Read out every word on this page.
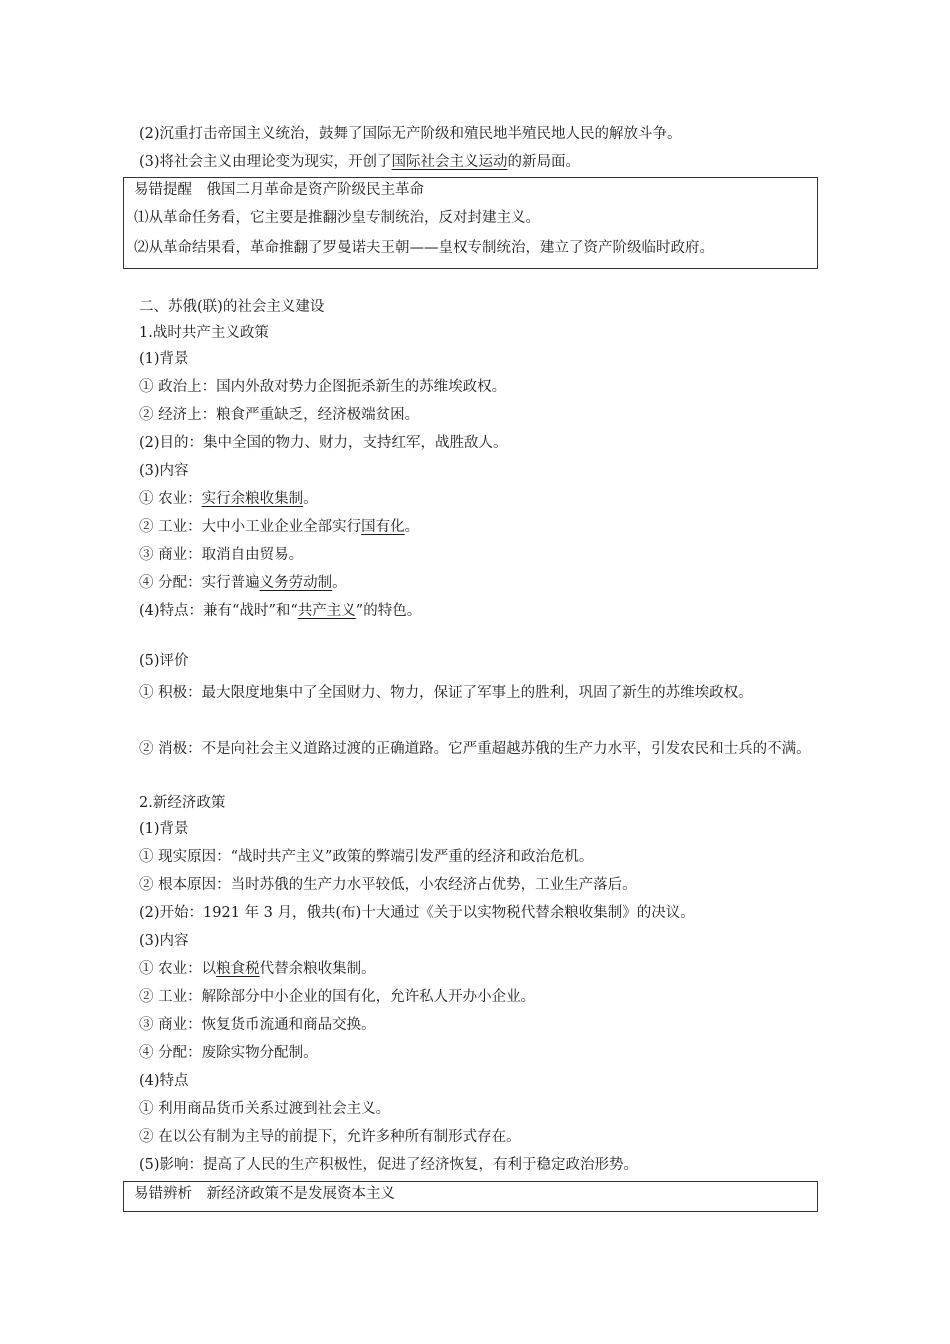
(2)沉重打击帝国主义统治，鼓舞了国际无产阶级和殖民地半殖民地人民的解放斗争。
(3)将社会主义由理论变为现实，开创了国际社会主义运动的新局面。
易错提醒　俄国二月革命是资产阶级民主革命
⑴从革命任务看，它主要是推翻沙皇专制统治，反对封建主义。
⑵从革命结果看，革命推翻了罗曼诺夫王朝——皇权专制统治，建立了资产阶级临时政府。
二、苏俄(联)的社会主义建设
1.战时共产主义政策
(1)背景
① 政治上：国内外敌对势力企图扼杀新生的苏维埃政权。
② 经济上：粮食严重缺乏，经济极端贫困。
(2)目的：集中全国的物力、财力，支持红军，战胜敌人。
(3)内容
① 农业：实行余粮收集制。
② 工业：大中小工业企业全部实行国有化。
③ 商业：取消自由贸易。
④ 分配：实行普遍义务劳动制。
(4)特点：兼有“战时”和“共产主义”的特色。
(5)评价
① 积极：最大限度地集中了全国财力、物力，保证了军事上的胜利，巩固了新生的苏维埃政权。
② 消极：不是向社会主义道路过渡的正确道路。它严重超越苏俄的生产力水平，引发农民和士兵的不满。
2.新经济政策
(1)背景
① 现实原因：“战时共产主义”政策的弊端引发严重的经济和政治危机。
② 根本原因：当时苏俄的生产力水平较低，小农经济占优势，工业生产落后。
(2)开始：1921 年 3 月，俄共(布)十大通过《关于以实物税代替余粮收集制》的决议。
(3)内容
① 农业：以粮食税代替余粮收集制。
② 工业：解除部分中小企业的国有化，允许私人开办小企业。
③ 商业：恢复货币流通和商品交换。
④ 分配：废除实物分配制。
(4)特点
① 利用商品货币关系过渡到社会主义。
② 在以公有制为主导的前提下，允许多种所有制形式存在。
(5)影响：提高了人民的生产积极性，促进了经济恢复，有利于稳定政治形势。
易错辨析　新经济政策不是发展资本主义
